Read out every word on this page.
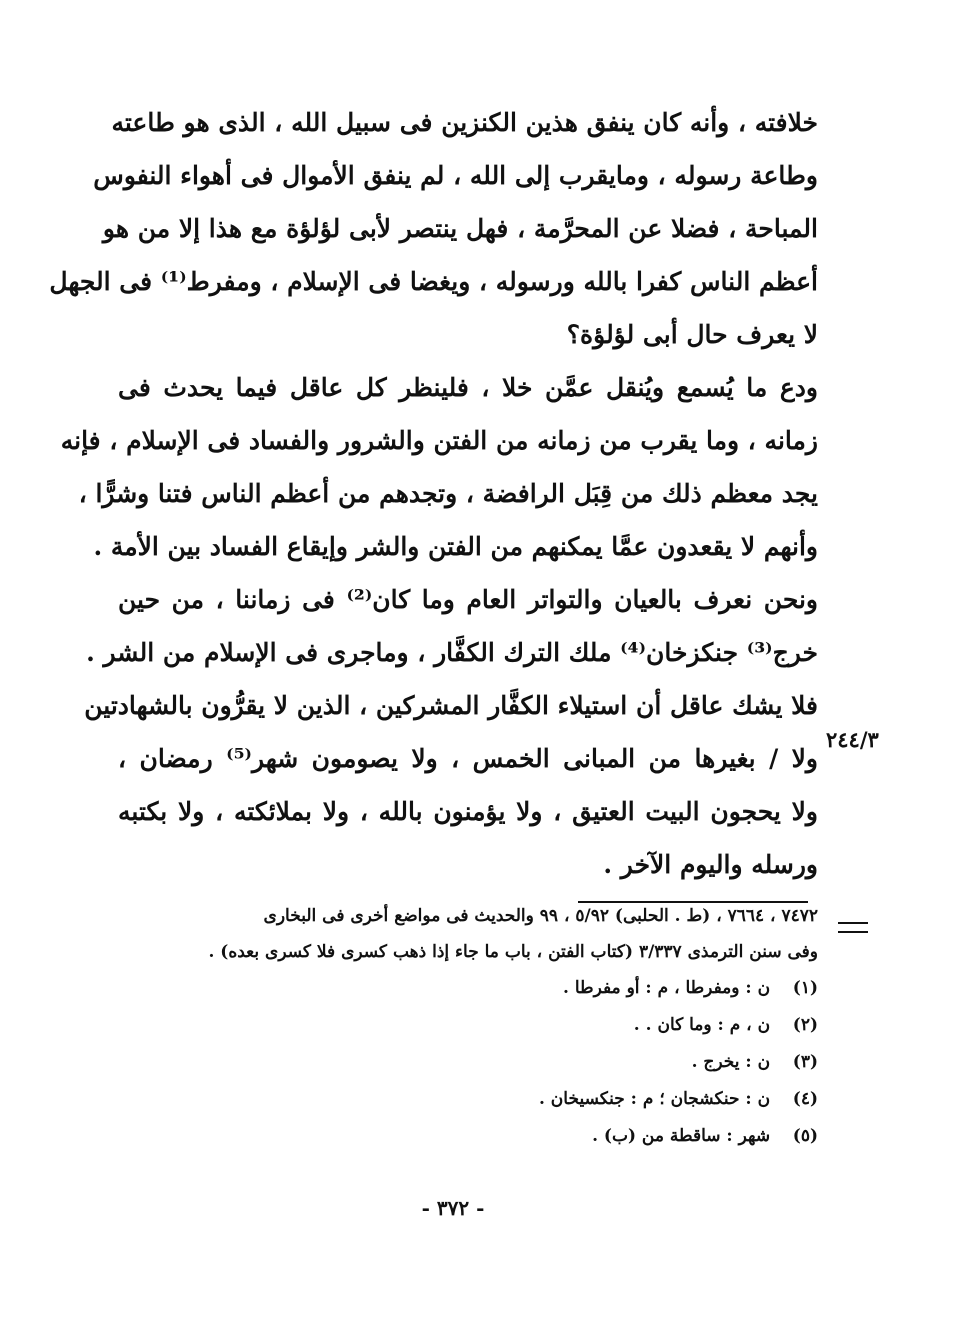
خلافته ، وأنه كان ينفق هذين الكنزين فى سبيل الله ، الذى هو طاعته
وطاعة رسوله ، ومايقرب إلى الله ، لم ينفق الأموال فى أهواء النفوس
المباحة ، فضلا عن المحرَّمة ، فهل ينتصر لأبى لؤلؤة مع هذا إلا من هو
أعظم الناس كفرا بالله ورسوله ، ويغضا فى الإسلام ، ومفرط⁽¹⁾ فى الجهل
لا يعرف حال أبى لؤلؤة؟
ودع ما يُسمع ويُنقل عمَّن خلا ، فلينظر كل عاقل فيما يحدث فى
زمانه ، وما يقرب من زمانه من الفتن والشرور والفساد فى الإسلام ، فإنه
يجد معظم ذلك من قِبَل الرافضة ، وتجدهم من أعظم الناس فتنا وشرًّا ،
وأنهم لا يقعدون عمَّا يمكنهم من الفتن والشر وإيقاع الفساد بين الأمة .
ونحن نعرف بالعيان والتواتر العام وما كان⁽²⁾ فى زماننا ، من حين
خرج⁽³⁾ جنكزخان⁽⁴⁾ ملك الترك الكفَّار ، وماجرى فى الإسلام من الشر .
فلا يشك عاقل أن استيلاء الكفَّار المشركين ، الذين لا يقرُّون بالشهادتين
ولا / بغيرها من المبانى الخمس ، ولا يصومون شهر⁽⁵⁾ رمضان ،
ولا يحجون البيت العتيق ، ولا يؤمنون بالله ، ولا بملائكته ، ولا بكتبه
ورسله واليوم الآخر .
٢٤٤/٣
٧٤٧٢ ، ٧٦٦٤ ، (ط . الحلبى) ٥/٩٢ ، ٩٩ والحديث فى مواضع أخرى فى البخارى
وفى سنن الترمذى ٣/٣٣٧ (كتاب الفتن ، باب ما جاء إذا ذهب كسرى فلا كسرى بعده) .
(١) ن : ومفرطا ، م : أو مفرطا .
(٢) ن ، م : وما كان . .
(٣) ن : يخرج .
(٤) ن : حنكشجان ؛ م : جنكسيخان .
(٥) شهر : ساقطة من (ب) .
- ٣٧٢ -
